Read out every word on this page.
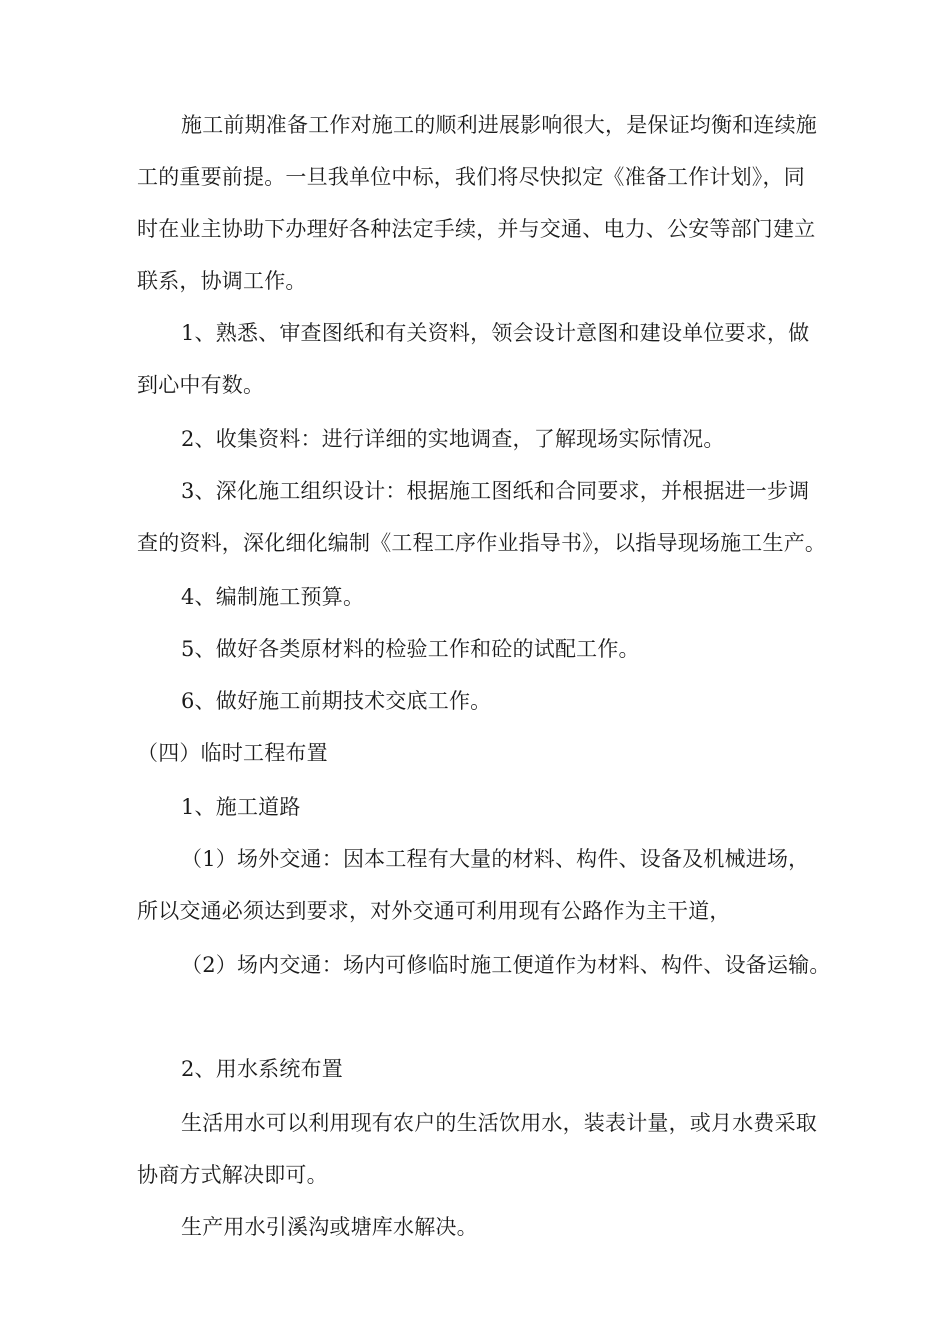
施工前期准备工作对施工的顺利进展影响很大，是保证均衡和连续施
工的重要前提。一旦我单位中标，我们将尽快拟定《准备工作计划》，同
时在业主协助下办理好各种法定手续，并与交通、电力、公安等部门建立
联系，协调工作。
1、熟悉、审查图纸和有关资料，领会设计意图和建设单位要求，做
到心中有数。
2、收集资料：进行详细的实地调查，了解现场实际情况。
3、深化施工组织设计：根据施工图纸和合同要求，并根据进一步调
查的资料，深化细化编制《工程工序作业指导书》，以指导现场施工生产。
4、编制施工预算。
5、做好各类原材料的检验工作和砼的试配工作。
6、做好施工前期技术交底工作。
（四）临时工程布置
1、施工道路
（1）场外交通：因本工程有大量的材料、构件、设备及机械进场，
所以交通必须达到要求，对外交通可利用现有公路作为主干道，
（2）场内交通：场内可修临时施工便道作为材料、构件、设备运输。
2、用水系统布置
生活用水可以利用现有农户的生活饮用水，装表计量，或月水费采取
协商方式解决即可。
生产用水引溪沟或塘库水解决。
